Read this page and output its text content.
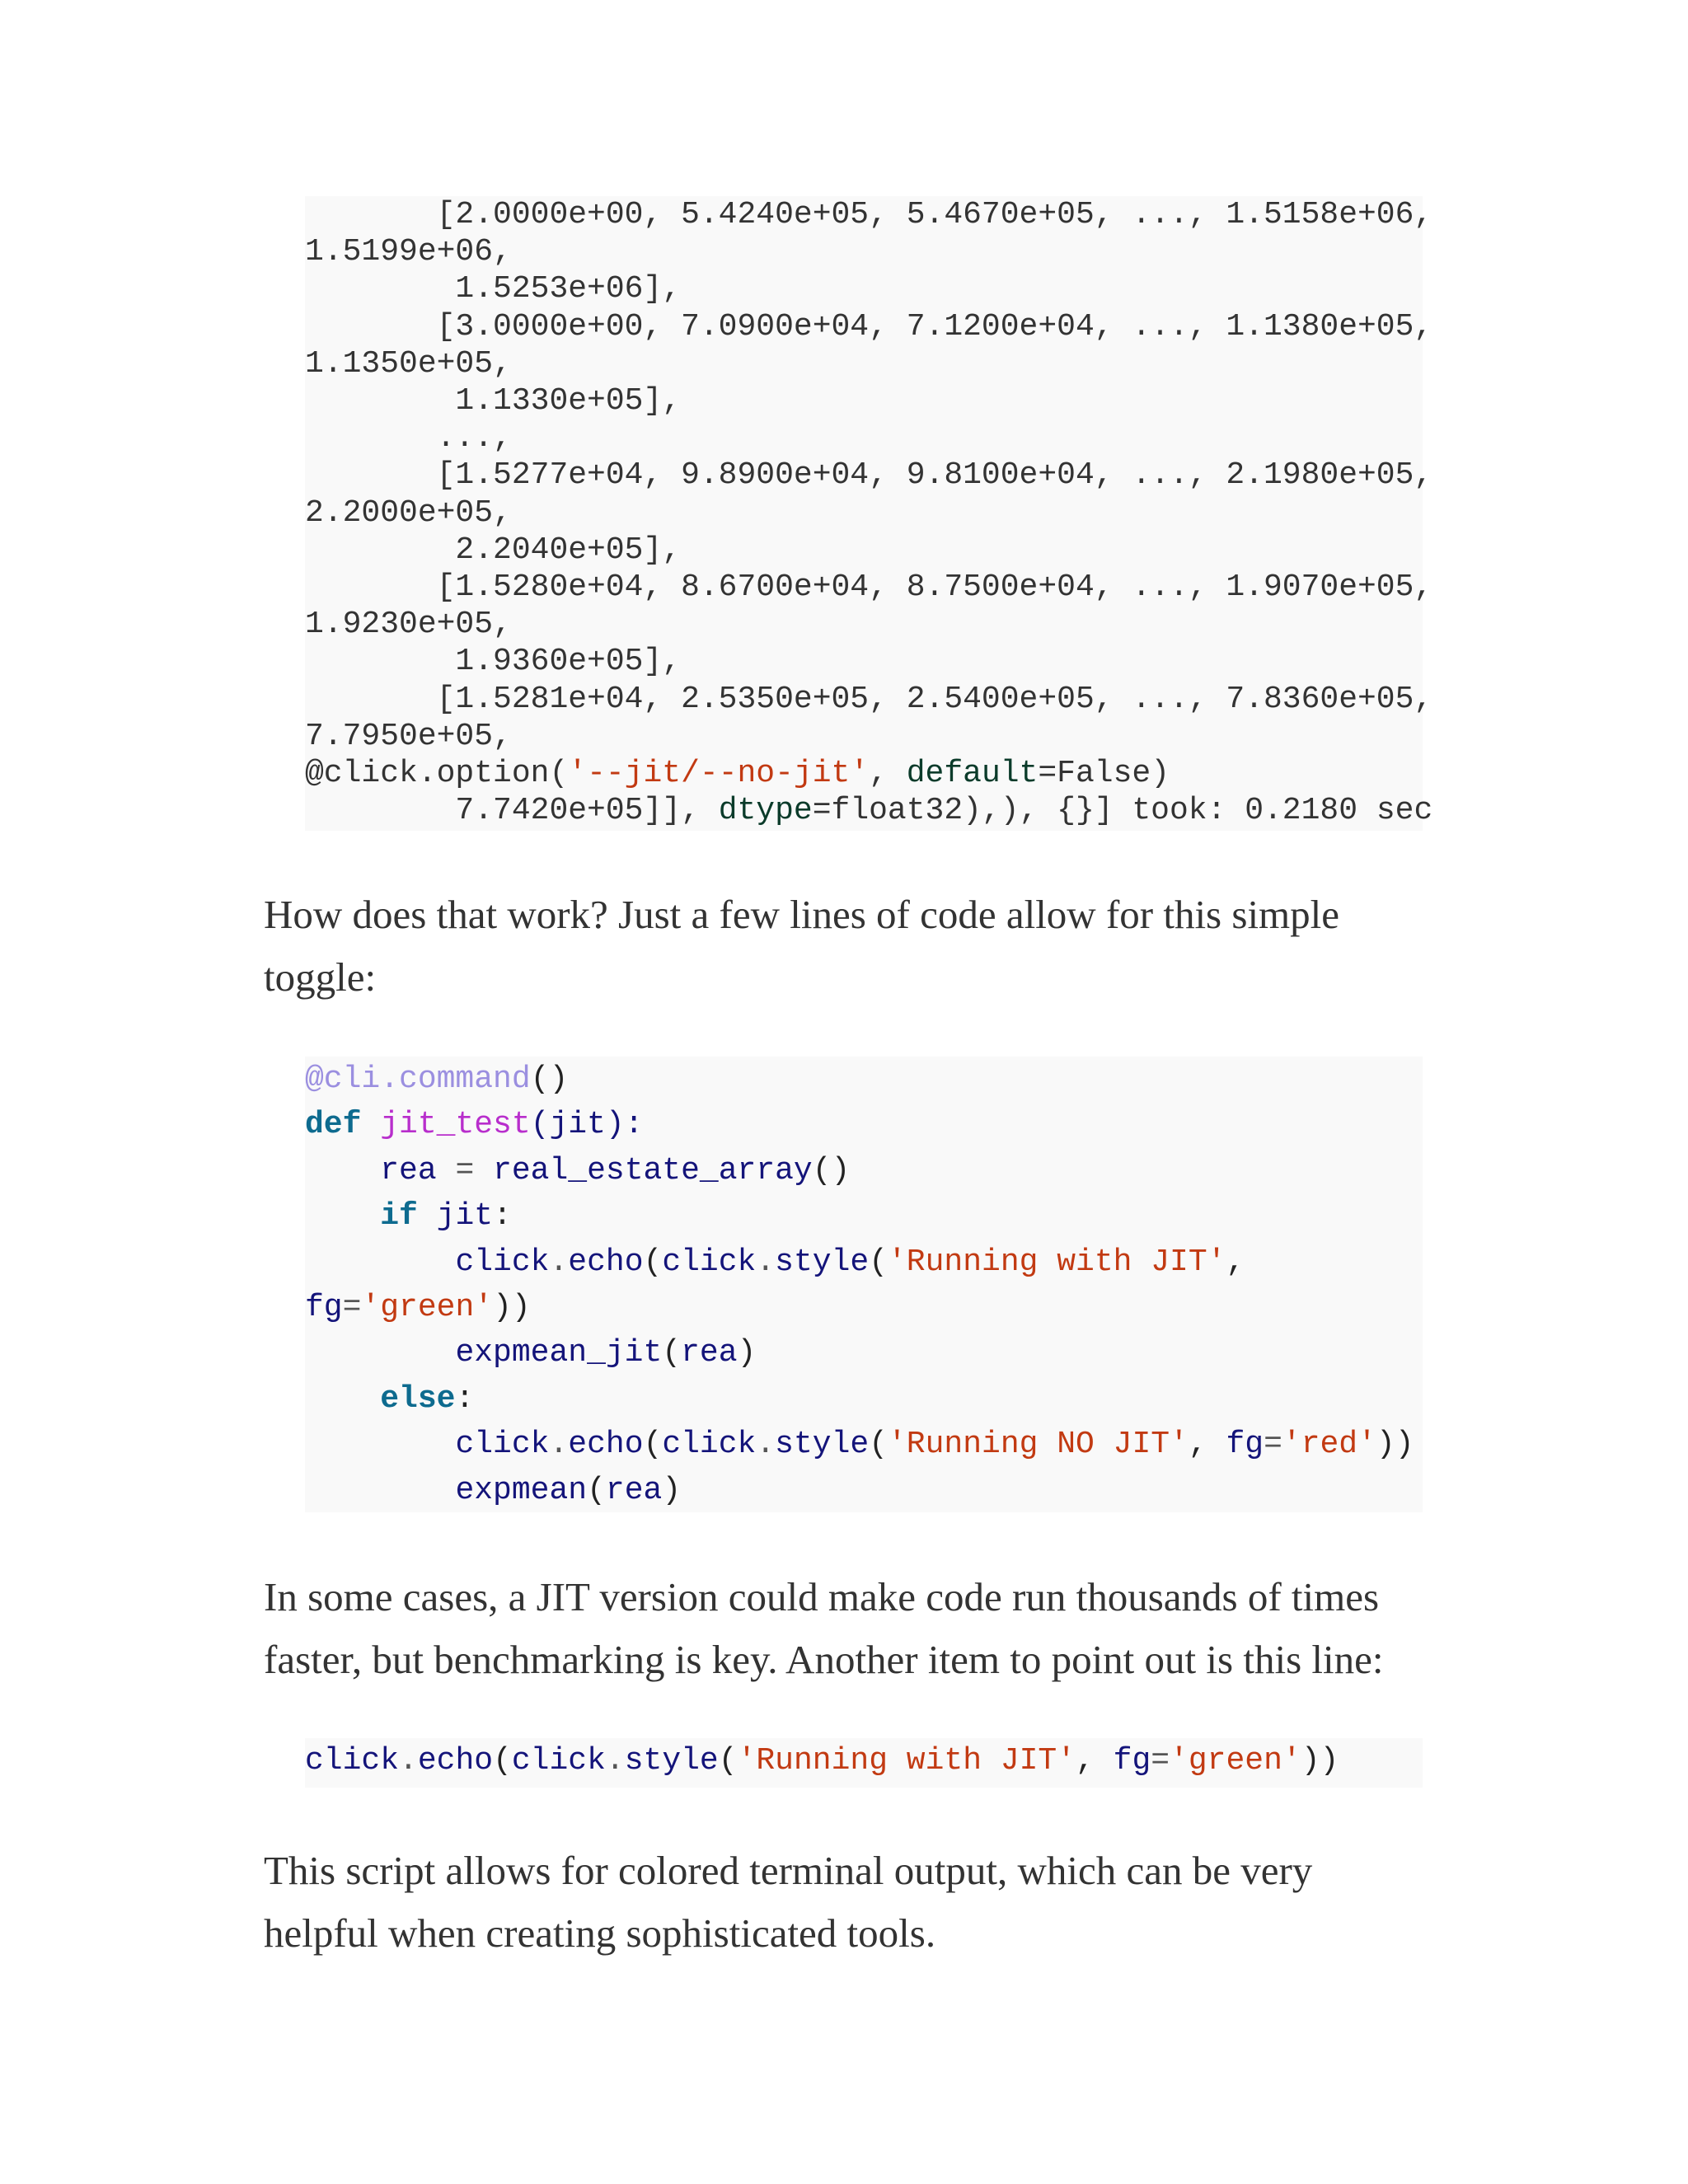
[2.0000e+00, 5.4240e+05, 5.4670e+05, ..., 1.5158e+06,
1.5199e+06,
1.5253e+06],
[3.0000e+00, 7.0900e+04, 7.1200e+04, ..., 1.1380e+05,
1.1350e+05,
1.1330e+05],
...,
[1.5277e+04, 9.8900e+04, 9.8100e+04, ..., 2.1980e+05,
2.2000e+05,
2.2040e+05],
[1.5280e+04, 8.6700e+04, 8.7500e+04, ..., 1.9070e+05,
1.9230e+05,
1.9360e+05],
[1.5281e+04, 2.5350e+05, 2.5400e+05, ..., 7.8360e+05,
7.7950e+05,
@click.option('--jit/--no-jit', default=False)
7.7420e+05]], dtype=float32),), {}] took: 0.2180 sec

How does that work? Just a few lines of code allow for this simple toggle:

@cli.command()
def jit_test(jit):
rea = real_estate_array()
if jit:
click.echo(click.style('Running with JIT',
fg='green'))
expmean_jit(rea)
else:
click.echo(click.style('Running NO JIT', fg='red'))
expmean(rea)

In some cases, a JIT version could make code run thousands of times faster, but benchmarking is key. Another item to point out is this line:

click.echo(click.style('Running with JIT', fg='green'))

This script allows for colored terminal output, which can be very helpful when creating sophisticated tools.
